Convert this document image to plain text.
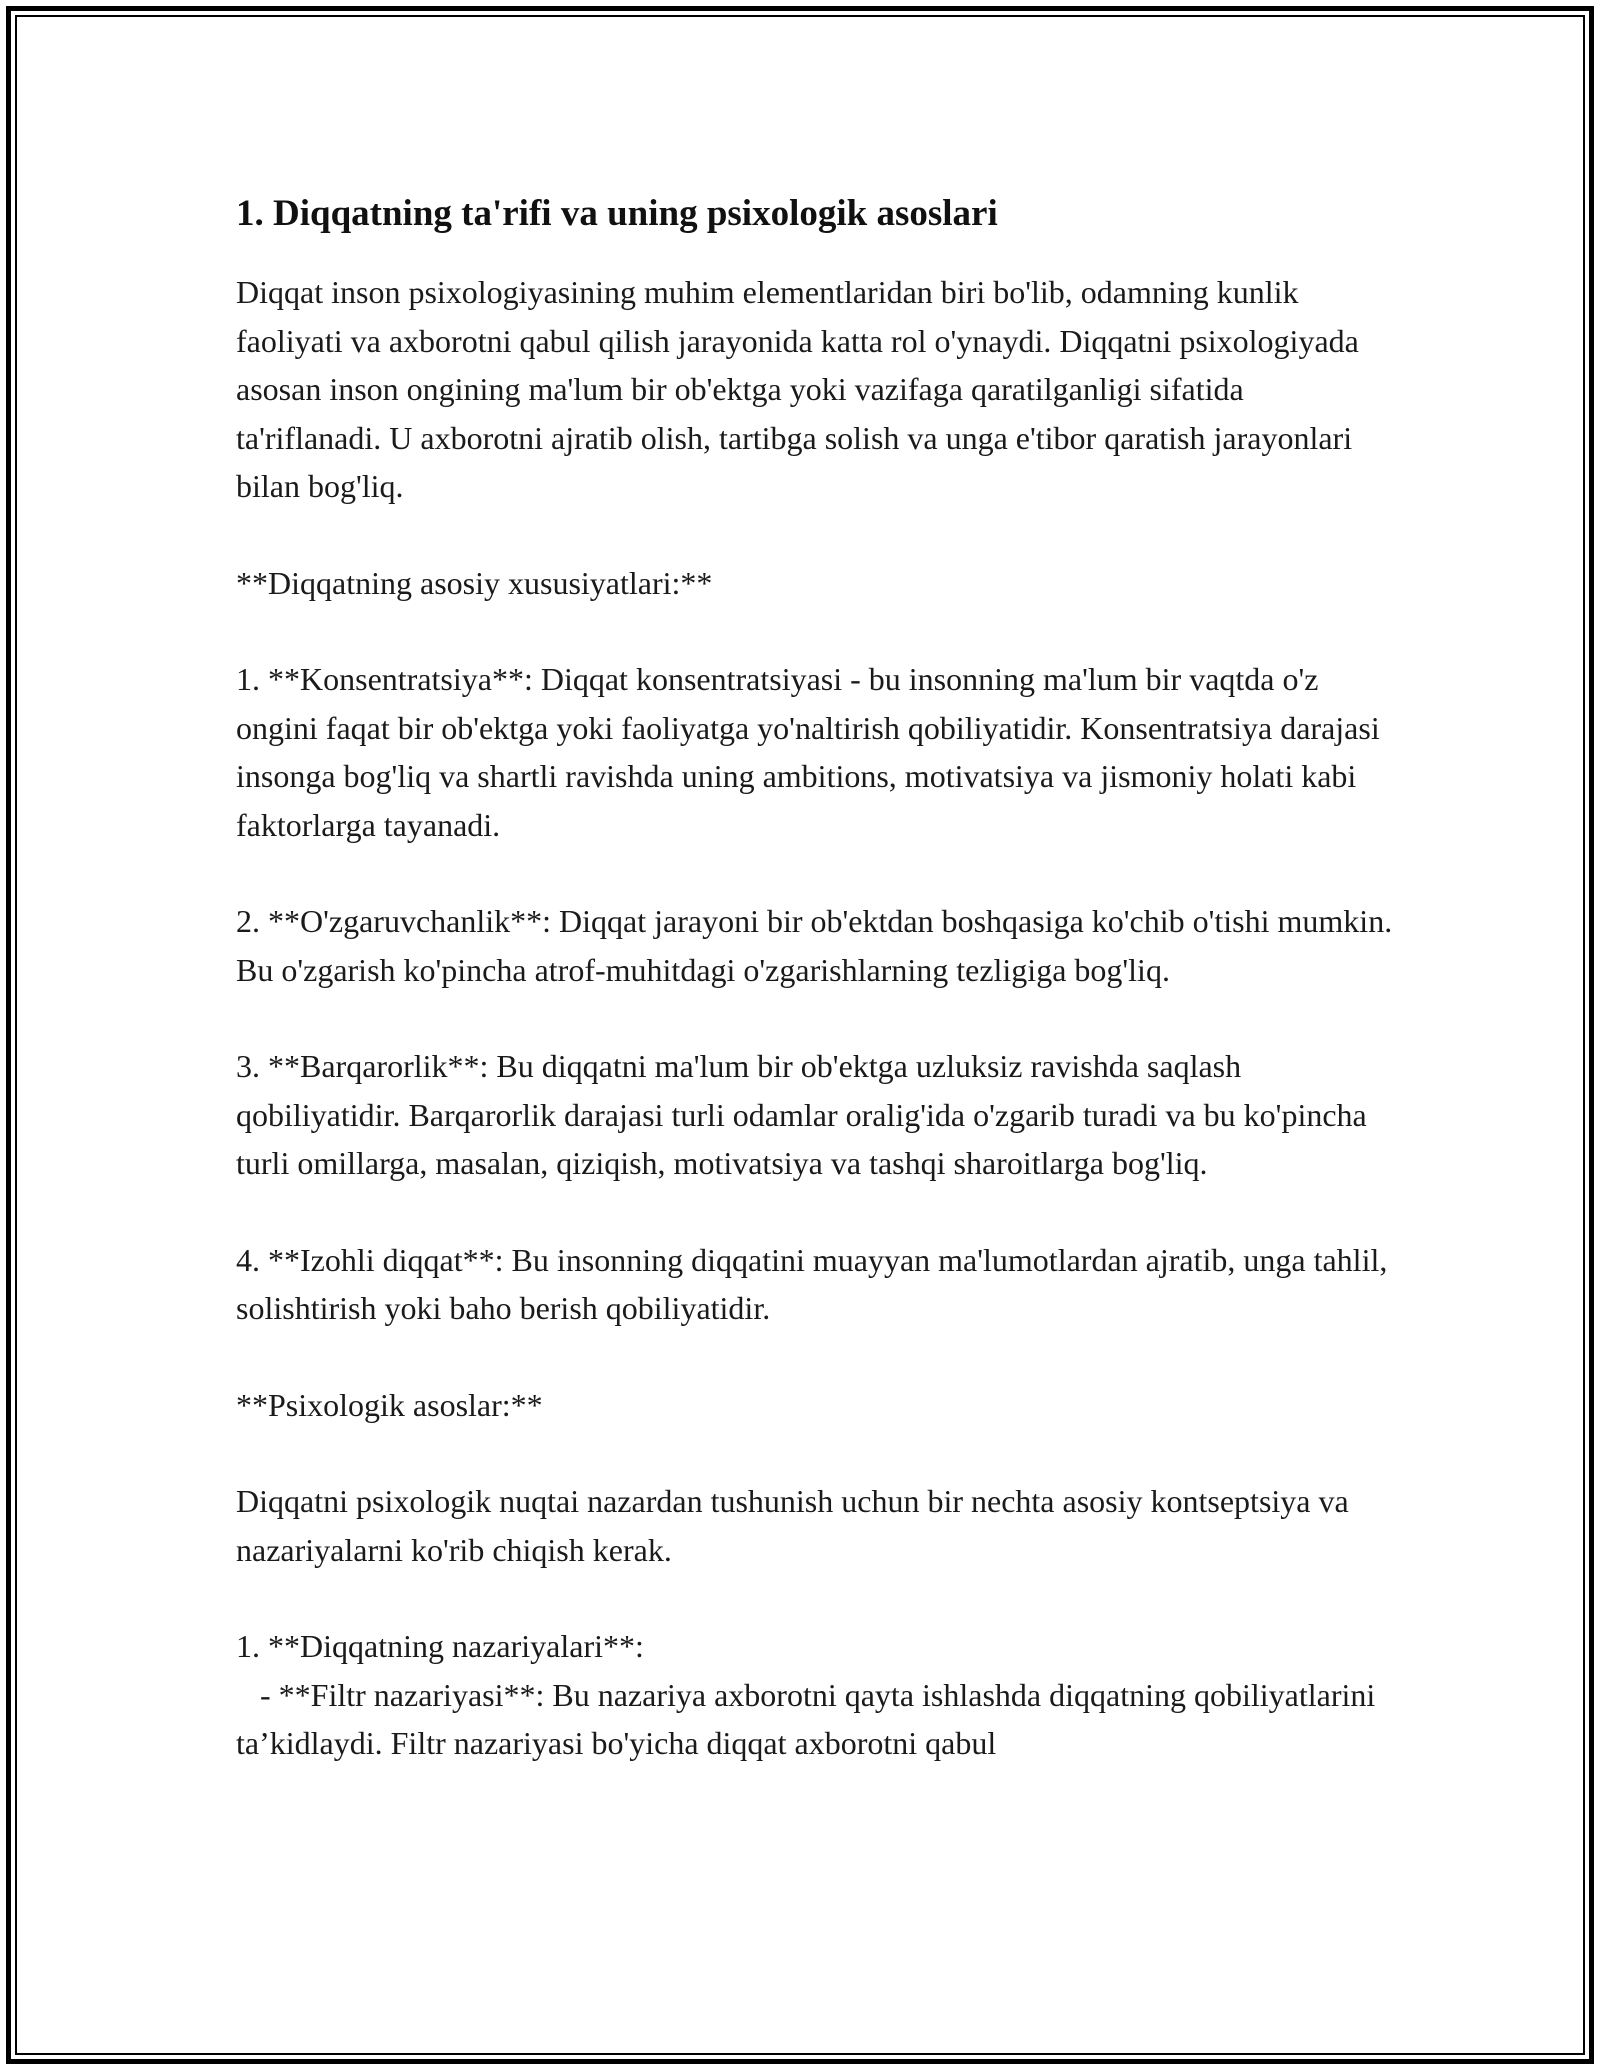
1. Diqqatning ta'rifi va uning psixologik asoslari

Diqqat inson psixologiyasining muhim elementlaridan biri bo'lib, odamning kunlik faoliyati va axborotni qabul qilish jarayonida katta rol o'ynaydi. Diqqatni psixologiyada asosan inson ongining ma'lum bir ob'ektga yoki vazifaga qaratilganligi sifatida ta'riflanadi. U axborotni ajratib olish, tartibga solish va unga e'tibor qaratish jarayonlari bilan bog'liq.

**Diqqatning asosiy xususiyatlari:**

1. **Konsentratsiya**: Diqqat konsentratsiyasi - bu insonning ma'lum bir vaqtda o'z ongini faqat bir ob'ektga yoki faoliyatga yo'naltirish qobiliyatidir. Konsentratsiya darajasi insonga bog'liq va shartli ravishda uning ambitions, motivatsiya va jismoniy holati kabi faktorlarga tayanadi.

2. **O'zgaruvchanlik**: Diqqat jarayoni bir ob'ektdan boshqasiga ko'chib o'tishi mumkin. Bu o'zgarish ko'pincha atrof-muhitdagi o'zgarishlarning tezligiga bog'liq.

3. **Barqarorlik**: Bu diqqatni ma'lum bir ob'ektga uzluksiz ravishda saqlash qobiliyatidir. Barqarorlik darajasi turli odamlar oralig'ida o'zgarib turadi va bu ko'pincha turli omillarga, masalan, qiziqish, motivatsiya va tashqi sharoitlarga bog'liq.

4. **Izohli diqqat**: Bu insonning diqqatini muayyan ma'lumotlardan ajratib, unga tahlil, solishtirish yoki baho berish qobiliyatidir.

**Psixologik asoslar:**

Diqqatni psixologik nuqtai nazardan tushunish uchun bir nechta asosiy kontseptsiya va nazariyalarni ko'rib chiqish kerak.

1. **Diqqatning nazariyalari**:
- **Filtr nazariyasi**: Bu nazariya axborotni qayta ishlashda diqqatning qobiliyatlarini ta’kidlaydi. Filtr nazariyasi bo'yicha diqqat axborotni qabul
